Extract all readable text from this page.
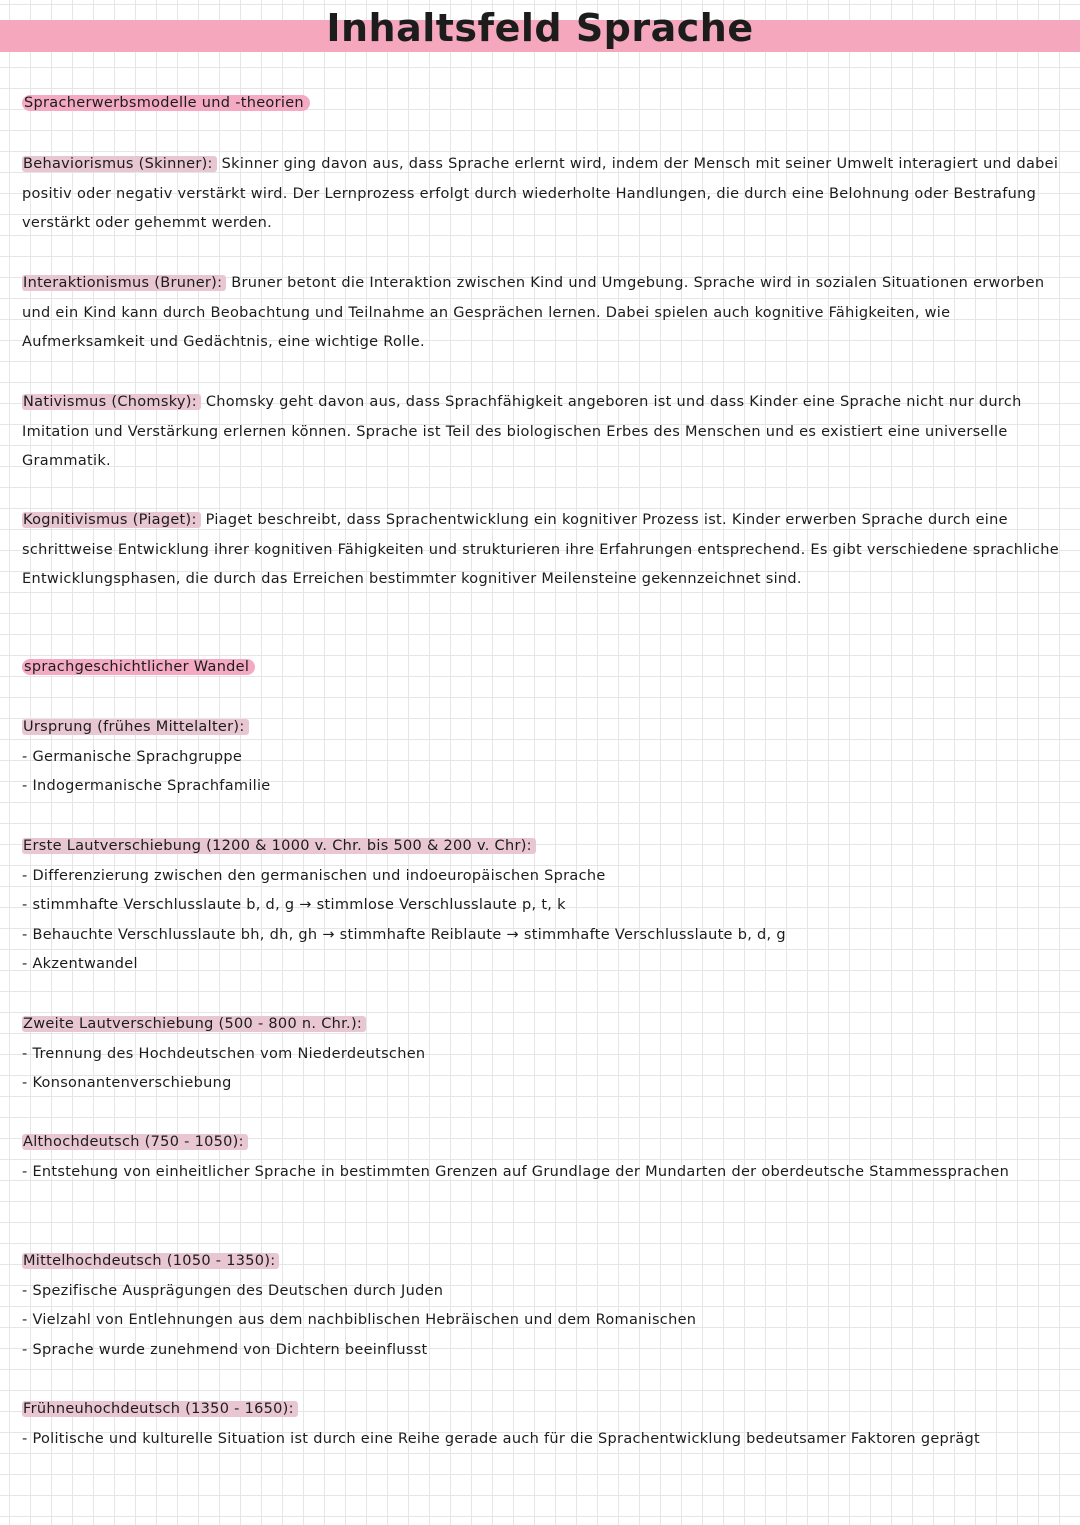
Inhaltsfeld Sprache
Spracherwerbsmodelle und -theorien

Behaviorismus (Skinner): Skinner ging davon aus, dass Sprache erlernt wird, indem der Mensch mit seiner Umwelt interagiert und dabei positiv oder negativ verstärkt wird. Der Lernprozess erfolgt durch wiederholte Handlungen, die durch eine Belohnung oder Bestrafung verstärkt oder gehemmt werden.

Interaktionismus (Bruner): Bruner betont die Interaktion zwischen Kind und Umgebung. Sprache wird in sozialen Situationen erworben und ein Kind kann durch Beobachtung und Teilnahme an Gesprächen lernen. Dabei spielen auch kognitive Fähigkeiten, wie Aufmerksamkeit und Gedächtnis, eine wichtige Rolle.

Nativismus (Chomsky): Chomsky geht davon aus, dass Sprachfähigkeit angeboren ist und dass Kinder eine Sprache nicht nur durch Imitation und Verstärkung erlernen können. Sprache ist Teil des biologischen Erbes des Menschen und es existiert eine universelle Grammatik.

Kognitivismus (Piaget): Piaget beschreibt, dass Sprachentwicklung ein kognitiver Prozess ist. Kinder erwerben Sprache durch eine schrittweise Entwicklung ihrer kognitiven Fähigkeiten und strukturieren ihre Erfahrungen entsprechend. Es gibt verschiedene sprachliche Entwicklungsphasen, die durch das Erreichen bestimmter kognitiver Meilensteine gekennzeichnet sind.

sprachgeschichtlicher Wandel

Ursprung (frühes Mittelalter):

- Germanische Sprachgruppe

- Indogermanische Sprachfamilie

Erste Lautverschiebung (1200 & 1000 v. Chr. bis 500 & 200 v. Chr):

- Differenzierung zwischen den germanischen und indoeuropäischen Sprache

- stimmhafte Verschlusslaute b, d, g → stimmlose Verschlusslaute p, t, k

- Behauchte Verschlusslaute bh, dh, gh → stimmhafte Reiblaute → stimmhafte Verschlusslaute b, d, g

- Akzentwandel

Zweite Lautverschiebung (500 - 800 n. Chr.):

- Trennung des Hochdeutschen vom Niederdeutschen

- Konsonantenverschiebung

Althochdeutsch (750 - 1050):

- Entstehung von einheitlicher Sprache in bestimmten Grenzen auf Grundlage der Mundarten der oberdeutsche Stammessprachen

Mittelhochdeutsch (1050 - 1350):

- Spezifische Ausprägungen des Deutschen durch Juden

- Vielzahl von Entlehnungen aus dem nachbiblischen Hebräischen und dem Romanischen

- Sprache wurde zunehmend von Dichtern beeinflusst

Frühneuhochdeutsch (1350 - 1650):

- Politische und kulturelle Situation ist durch eine Reihe gerade auch für die Sprachentwicklung bedeutsamer Faktoren geprägt
